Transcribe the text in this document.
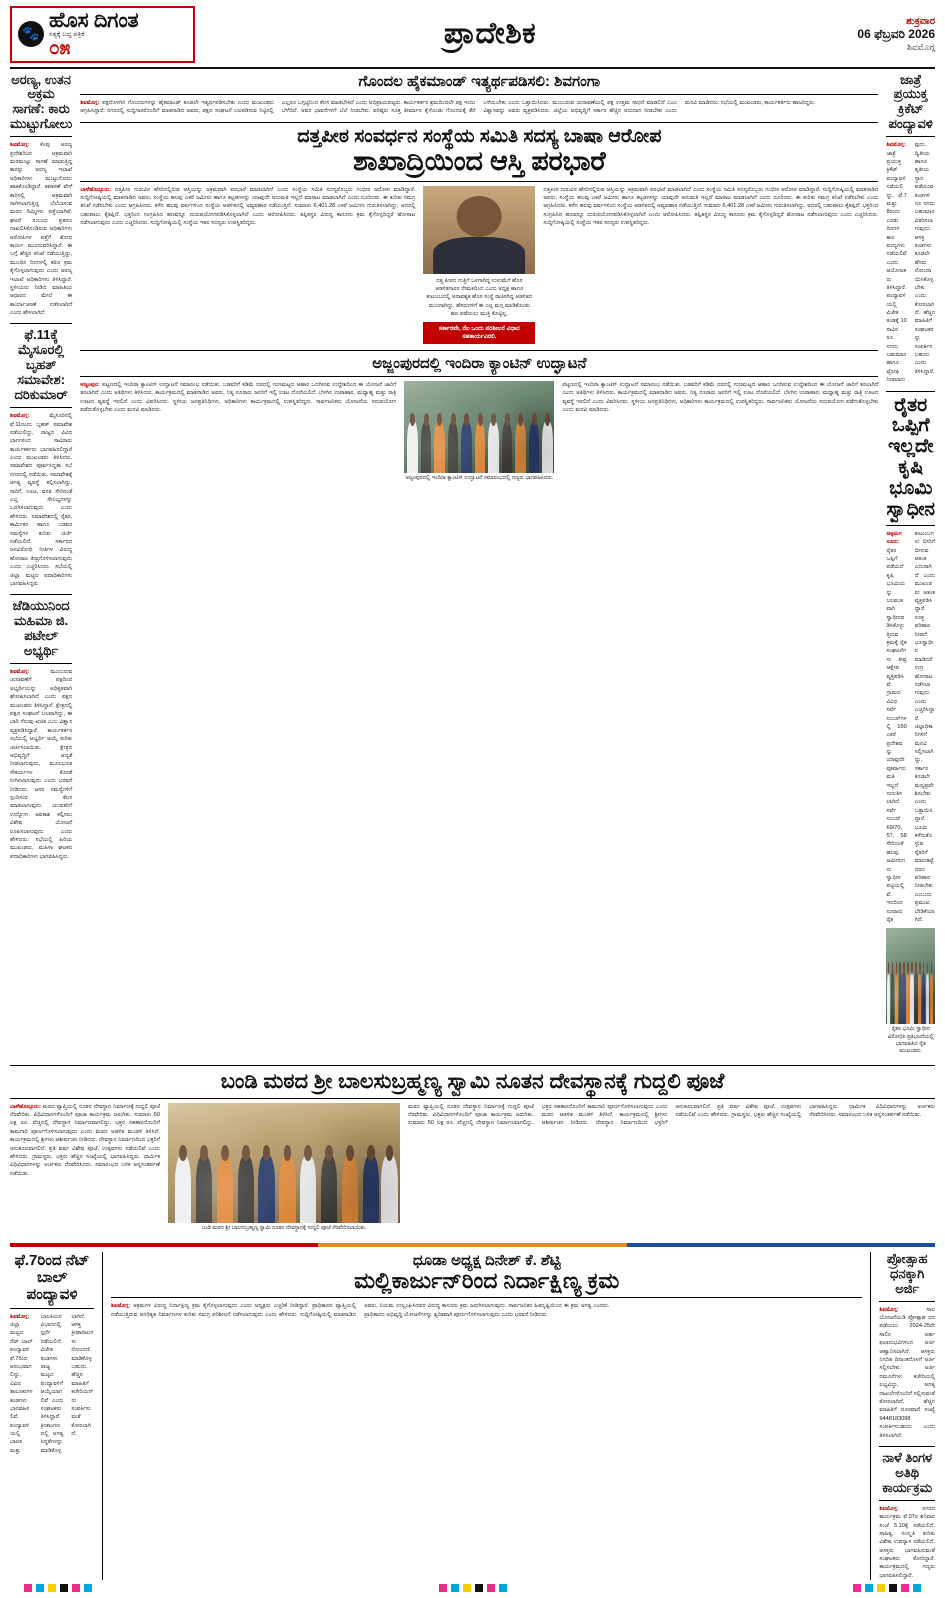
🐾
ಹೊಸ ದಿಗಂತ
ಸತ್ಯಕ್ಕೆ ಬದ್ಧ ಪತ್ರಿಕೆ
೦೫	ಪ್ರಾದೇಶಿಕ	ಶುಕ್ರವಾರ
06 ಫೆಬ್ರವರಿ 2026
ಶಿವಮೊಗ್ಗ
ಅರಣ್ಯ, ಉತನ ಅಕ್ರಮ ಸಾಗಣೆ: ಕಾರು ಮುಟ್ಟುಗೋಲು
ಶಿವಮೊಗ್ಗ: ಕೆಂಪು ಅರಣ್ಯ ಪ್ರದೇಶದಿಂದ ಅಕ್ರಮವಾಗಿ ಮರಮುಟ್ಟು ಸಾಗಣೆ ಮಾಡುತ್ತಿದ್ದ ಕಾರನ್ನು ಅರಣ್ಯ ಇಲಾಖೆ ಅಧಿಕಾರಿಗಳು ಮುಟ್ಟುಗೋಲು ಹಾಕಿಕೊಂಡಿದ್ದಾರೆ. ತಪಾಸಣೆ ವೇಳೆ ಕಾರಿನಲ್ಲಿ ಅಕ್ರಮವಾಗಿ ಸಾಗಿಸಲಾಗುತ್ತಿದ್ದ ಬೆಲೆಬಾಳುವ ಮರದ ದಿಮ್ಮಿಗಳು ಪತ್ತೆಯಾಗಿವೆ. ಘಟನೆ ಸಂಬಂಧ ಪ್ರಕರಣ ದಾಖಲಿಸಿಕೊಂಡಿರುವ ಅಧಿಕಾರಿಗಳು ಆರೋಪಿಗಳ ಪತ್ತೆಗೆ ಶೋಧ ಕಾರ್ಯ ಮುಂದುವರಿಸಿದ್ದಾರೆ. ಈ ಬಗ್ಗೆ ಹೆಚ್ಚಿನ ತನಿಖೆ ನಡೆಯುತ್ತಿದ್ದು, ಮುಂದಿನ ದಿನಗಳಲ್ಲಿ ಕಠಿಣ ಕ್ರಮ ಕೈಗೊಳ್ಳಲಾಗುವುದು ಎಂದು ಅರಣ್ಯ ಇಲಾಖೆ ಅಧಿಕಾರಿಗಳು ತಿಳಿಸಿದ್ದಾರೆ. ಸ್ಥಳೀಯರು ನೀಡಿದ ಮಾಹಿತಿಯ ಆಧಾರದ ಮೇಲೆ ಈ ಕಾರ್ಯಾಚರಣೆ ನಡೆಸಲಾಗಿದೆ ಎಂದು ಹೇಳಲಾಗಿದೆ.
ಫೆ.11ಕ್ಕೆ ಮೈಸೂರಲ್ಲಿ ಬೃಹತ್ ಸಮಾವೇಶ: ದರಿಕುಮಾರ್
ಶಿವಮೊಗ್ಗ:	ಮೈಸೂರಿನಲ್ಲಿ ಫೆ.11ರಂದು ಬೃಹತ್ ಸಮಾವೇಶ ನಡೆಯಲಿದ್ದು, ರಾಜ್ಯದ ವಿವಿಧ ಭಾಗಗಳಿಂದ ಸಾವಿರಾರು ಕಾರ್ಯಕರ್ತರು ಭಾಗವಹಿಸಲಿದ್ದಾರೆ ಎಂದು ಮುಖಂಡರು ತಿಳಿಸಿದರು. ಸಮಾವೇಶದ ಪೂರ್ವಸಿದ್ಧತಾ ಸಭೆ ನಗರದಲ್ಲಿ ನಡೆಯಿತು. ಸಮಾವೇಶಕ್ಕೆ ಅಗತ್ಯ ವ್ಯವಸ್ಥೆ ಕಲ್ಪಿಸಲಾಗಿದ್ದು, ಸಾರಿಗೆ, ಊಟ, ವಸತಿ ಸೇರಿದಂತೆ ಎಲ್ಲ ಸೌಲಭ್ಯಗಳನ್ನು ಒದಗಿಸಲಾಗುವುದು ಎಂದು ಹೇಳಿದರು. ಸಮಾವೇಶದಲ್ಲಿ ರೈತರ, ಕಾರ್ಮಿಕರ ಹಾಗೂ ಬಡವರ ಸಮಸ್ಯೆಗಳ ಕುರಿತು ಚರ್ಚೆ ನಡೆಯಲಿದೆ. ಸರ್ಕಾರದ ಜನವಿರೋಧಿ ನೀತಿಗಳ ವಿರುದ್ಧ ಹೋರಾಟ ತೀವ್ರಗೊಳಿಸಲಾಗುವುದು ಎಂದು ಎಚ್ಚರಿಸಿದರು. ಸಭೆಯಲ್ಲಿ ಜಿಲ್ಲಾ ಮಟ್ಟದ ಪದಾಧಿಕಾರಿಗಳು ಭಾಗವಹಿಸಿದ್ದರು.
ಜೆಡಿಯುನಿಂದ ಮಹಿಮಾ ಜಿ. ಪಟೇಲ್ ಅಭ್ಯರ್ಥಿ
ಶಿವಮೊಗ್ಗ:	ಮುಂಬರುವ ಚುನಾವಣೆಗೆ ಪಕ್ಷದಿಂದ ಅಭ್ಯರ್ಥಿಯನ್ನು ಅಧಿಕೃತವಾಗಿ ಘೋಷಿಸಲಾಗಿದೆ ಎಂದು ಪಕ್ಷದ ಮುಖಂಡರು ತಿಳಿಸಿದ್ದಾರೆ. ಕ್ಷೇತ್ರದಲ್ಲಿ ಪಕ್ಷದ ಸಂಘಟನೆ ಬಲವಾಗಿದ್ದು, ಈ ಬಾರಿ ಗೆಲುವು ಖಚಿತ ಎಂಬ ವಿಶ್ವಾಸ ವ್ಯಕ್ತಪಡಿಸಿದ್ದಾರೆ. ಕಾರ್ಯಕರ್ತರ ಸಭೆಯಲ್ಲಿ ಅಭ್ಯರ್ಥಿ ಆಯ್ಕೆ ಕುರಿತು ಚರ್ಚಿಸಲಾಯಿತು. ಕ್ಷೇತ್ರದ ಅಭಿವೃದ್ಧಿಗೆ ಆದ್ಯತೆ ನೀಡಲಾಗುವುದು, ಮೂಲಭೂತ ಸೌಕರ್ಯಗಳ ಕೊರತೆ ನೀಗಿಸಲಾಗುವುದು ಎಂದು ಭರವಸೆ ನೀಡಿದರು. ಜನರ ಸಮಸ್ಯೆಗಳಿಗೆ ಸ್ಪಂದಿಸುವ ಕೆಲಸ ಮಾಡಲಾಗುವುದು. ಯುವಕರಿಗೆ ಉದ್ಯೋಗ ಅವಕಾಶ ಕಲ್ಪಿಸಲು ವಿಶೇಷ ಯೋಜನೆ ರೂಪಿಸಲಾಗುವುದು ಎಂದು ಹೇಳಿದರು. ಸಭೆಯಲ್ಲಿ ಹಿರಿಯ ಮುಖಂಡರು, ಮಹಿಳಾ ಘಟಕದ ಪದಾಧಿಕಾರಿಗಳು ಭಾಗವಹಿಸಿದ್ದರು.
ಗೊಂದಲ ಹೈಕಮಾಂಡ್ ಇತ್ಯರ್ಥಪಡಿಸಲಿ: ಶಿವಗಂಗಾ
ಶಿವಮೊಗ್ಗ: ಪಕ್ಷದೊಳಗಿನ ಗೊಂದಲಗಳನ್ನು ಹೈಕಮಾಂಡ್ ಕೂಡಲೇ ಇತ್ಯರ್ಥಪಡಿಸಬೇಕು ಎಂದು ಮುಖಂಡರು ಆಗ್ರಹಿಸಿದ್ದಾರೆ. ನಗರದಲ್ಲಿ ಸುದ್ದಿಗಾರರೊಂದಿಗೆ ಮಾತನಾಡಿದ ಅವರು, ಪಕ್ಷದ ಸಂಘಟನೆ ಬಲಪಡಿಸುವ ನಿಟ್ಟಿನಲ್ಲಿ ಎಲ್ಲರೂ ಒಗ್ಗಟ್ಟಿನಿಂದ ಕೆಲಸ ಮಾಡಬೇಕಿದೆ ಎಂದು ಅಭಿಪ್ರಾಯಪಟ್ಟರು. ಕಾರ್ಯಕರ್ತರ ಶ್ರಮದಿಂದಲೇ ಪಕ್ಷ ಇಂದು ಬೆಳೆದಿದೆ. ಅವರ ಭಾವನೆಗಳಿಗೆ ಬೆಲೆ ನೀಡಬೇಕು. ವರಿಷ್ಠರು ಸೂಕ್ತ ತೀರ್ಮಾನ ಕೈಗೊಂಡು ಗೊಂದಲಕ್ಕೆ ತೆರೆ ಎಳೆಯಬೇಕು ಎಂದು ಒತ್ತಾಯಿಸಿದರು. ಮುಂಬರುವ ಚುನಾವಣೆಯಲ್ಲಿ ಪಕ್ಷ ಉತ್ತಮ ಸಾಧನೆ ಮಾಡಲಿದೆ ಎಂಬ ವಿಶ್ವಾಸವನ್ನು ಅವರು ವ್ಯಕ್ತಪಡಿಸಿದರು. ಜಿಲ್ಲೆಯ ಅಭಿವೃದ್ಧಿಗೆ ಸರ್ಕಾರ ಹೆಚ್ಚಿನ ಅನುದಾನ ನೀಡಬೇಕು ಎಂದು ಮನವಿ ಮಾಡಿದರು. ಸಭೆಯಲ್ಲಿ ಮುಖಂಡರು, ಕಾರ್ಯಕರ್ತರು ಹಾಜರಿದ್ದರು.
ದತ್ತಪೀಠ ಸಂವರ್ಧನ ಸಂಸ್ಥೆಯ ಸಮಿತಿ ಸದಸ್ಯ ಬಾಷಾ ಆರೋಪ
ಶಾಖಾದ್ರಿಯಿಂದ ಆಸ್ತಿ ಪರಭಾರೆ
ಬಾಳೆಹೊನ್ನೂರು: ದತ್ತಪೀಠ ಗುರುವಿನ ಹೆಸರಿನಲ್ಲಿರುವ ಆಸ್ತಿಯನ್ನು ಅಕ್ರಮವಾಗಿ ಪರಭಾರೆ ಮಾಡಲಾಗಿದೆ ಎಂದು ಸಂಸ್ಥೆಯ ಸಮಿತಿ ಸದಸ್ಯರೊಬ್ಬರು ಗಂಭೀರ ಆರೋಪ ಮಾಡಿದ್ದಾರೆ. ಸುದ್ದಿಗೋಷ್ಠಿಯಲ್ಲಿ ಮಾತನಾಡಿದ ಅವರು, ಸಂಸ್ಥೆಯ ಹಲವು ಎಕರೆ ಜಮೀನು ಹಾಗೂ ಕಟ್ಟಡಗಳನ್ನು ಯಾವುದೇ ಅನುಮತಿ ಇಲ್ಲದೆ ಮಾರಾಟ ಮಾಡಲಾಗಿದೆ ಎಂದು ದೂರಿದರು. ಈ ಕುರಿತು ಸಮಗ್ರ ತನಿಖೆ ನಡೆಸಬೇಕು ಎಂದು ಆಗ್ರಹಿಸಿದರು. ಕಳೆದ ಹಲವು ವರ್ಷಗಳಿಂದ ಸಂಸ್ಥೆಯ ಆಡಳಿತದಲ್ಲಿ ಅವ್ಯವಹಾರ ನಡೆಯುತ್ತಿದೆ. ಸುಮಾರು 6,401.28 ಎಕರೆ ಜಮೀನು ಗುರುತಿಸಲಾಗಿದ್ದು, ಅದರಲ್ಲಿ ಬಹುಪಾಲು ಕೈತಪ್ಪಿದೆ. ಭಕ್ತರಿಂದ ಸಂಗ್ರಹಿಸಿದ ಹಣವನ್ನೂ ದುರುಪಯೋಗಪಡಿಸಿಕೊಳ್ಳಲಾಗಿದೆ ಎಂದು ಆರೋಪಿಸಿದರು. ತಪ್ಪಿತಸ್ಥರ ವಿರುದ್ಧ ಕಾನೂನು ಕ್ರಮ ಕೈಗೊಳ್ಳದಿದ್ದರೆ ಹೋರಾಟ ನಡೆಸಲಾಗುವುದು ಎಂದು ಎಚ್ಚರಿಸಿದರು. ಸುದ್ದಿಗೋಷ್ಠಿಯಲ್ಲಿ ಸಂಸ್ಥೆಯ ಇತರ ಸದಸ್ಯರು ಉಪಸ್ಥಿತರಿದ್ದರು.
ದತ್ತ ಪೀಠದ ಗುತ್ತಿಗೆ ಒಳಗಾಗಿದ್ದ ಉಳುಮೆಗೆ ಹೊಸ ಆಡಳಿತಗಾರರ ನೇಮಕದಿಂದ ಎಂದು ಅಧ್ಯಕ್ಷ ಹಾಗೂ ಕುಟುಂಬದಲ್ಲಿ ಅನಾವಶ್ಯಕ ಹೊಸ ಸಂಸ್ಥೆ ರಾಜಿಸಗಿದ್ದ ಆಡಳಿತದ ಮುಂದಾಗಿದ್ದು, ಹೆಸರುಗಳಿಗೆ ಈ ಎಲ್ಲ ಮಗ್ಗ ಮಾಡಿಕೊಂಡು ಹಣ ಪಡೆಯಲು ಮುಕ್ತಿ ಕೊಟ್ಟಿಲ್ಲ.
ಸರ್ಕಾರವೇ, ನೆಲ ಒಂದು ಪರಿಶೀಲನೆ ವಿಧಾನ ಸಹಕಾರ್ಯವಿರಲಿ.
ದತ್ತಪೀಠ ಗುರುವಿನ ಹೆಸರಿನಲ್ಲಿರುವ ಆಸ್ತಿಯನ್ನು ಅಕ್ರಮವಾಗಿ ಪರಭಾರೆ ಮಾಡಲಾಗಿದೆ ಎಂದು ಸಂಸ್ಥೆಯ ಸಮಿತಿ ಸದಸ್ಯರೊಬ್ಬರು ಗಂಭೀರ ಆರೋಪ ಮಾಡಿದ್ದಾರೆ. ಸುದ್ದಿಗೋಷ್ಠಿಯಲ್ಲಿ ಮಾತನಾಡಿದ ಅವರು, ಸಂಸ್ಥೆಯ ಹಲವು ಎಕರೆ ಜಮೀನು ಹಾಗೂ ಕಟ್ಟಡಗಳನ್ನು ಯಾವುದೇ ಅನುಮತಿ ಇಲ್ಲದೆ ಮಾರಾಟ ಮಾಡಲಾಗಿದೆ ಎಂದು ದೂರಿದರು. ಈ ಕುರಿತು ಸಮಗ್ರ ತನಿಖೆ ನಡೆಸಬೇಕು ಎಂದು ಆಗ್ರಹಿಸಿದರು. ಕಳೆದ ಹಲವು ವರ್ಷಗಳಿಂದ ಸಂಸ್ಥೆಯ ಆಡಳಿತದಲ್ಲಿ ಅವ್ಯವಹಾರ ನಡೆಯುತ್ತಿದೆ. ಸುಮಾರು 6,401.28 ಎಕರೆ ಜಮೀನು ಗುರುತಿಸಲಾಗಿದ್ದು, ಅದರಲ್ಲಿ ಬಹುಪಾಲು ಕೈತಪ್ಪಿದೆ. ಭಕ್ತರಿಂದ ಸಂಗ್ರಹಿಸಿದ ಹಣವನ್ನೂ ದುರುಪಯೋಗಪಡಿಸಿಕೊಳ್ಳಲಾಗಿದೆ ಎಂದು ಆರೋಪಿಸಿದರು. ತಪ್ಪಿತಸ್ಥರ ವಿರುದ್ಧ ಕಾನೂನು ಕ್ರಮ ಕೈಗೊಳ್ಳದಿದ್ದರೆ ಹೋರಾಟ ನಡೆಸಲಾಗುವುದು ಎಂದು ಎಚ್ಚರಿಸಿದರು. ಸುದ್ದಿಗೋಷ್ಠಿಯಲ್ಲಿ ಸಂಸ್ಥೆಯ ಇತರ ಸದಸ್ಯರು ಉಪಸ್ಥಿತರಿದ್ದರು.
ಅಜ್ಜಂಪುರದಲ್ಲಿ ಇಂದಿರಾ ಕ್ಯಾಂಟಿನ್ ಉದ್ಘಾಟನೆ
ಅಜ್ಜಂಪುರ: ಪಟ್ಟಣದಲ್ಲಿ ಇಂದಿರಾ ಕ್ಯಾಂಟಿನ್ ಉದ್ಘಾಟನೆ ಸಮಾರಂಭ ನಡೆಯಿತು. ಬಡವರಿಗೆ ಕಡಿಮೆ ದರದಲ್ಲಿ ಗುಣಮಟ್ಟದ ಆಹಾರ ಒದಗಿಸುವ ಉದ್ದೇಶದಿಂದ ಈ ಯೋಜನೆ ಜಾರಿಗೆ ತರಲಾಗಿದೆ ಎಂದು ಅತಿಥಿಗಳು ತಿಳಿಸಿದರು. ಕಾರ್ಯಕ್ರಮದಲ್ಲಿ ಮಾತನಾಡಿದ ಅವರು, ನಿತ್ಯ ನೂರಾರು ಜನರಿಗೆ ಇಲ್ಲಿ ಊಟ ದೊರೆಯಲಿದೆ. ಬೆಳಗಿನ ಉಪಾಹಾರ, ಮಧ್ಯಾಹ್ನ ಮತ್ತು ರಾತ್ರಿ ಊಟದ ವ್ಯವಸ್ಥೆ ಇರಲಿದೆ ಎಂದು ವಿವರಿಸಿದರು. ಸ್ಥಳೀಯ ಜನಪ್ರತಿನಿಧಿಗಳು, ಅಧಿಕಾರಿಗಳು ಕಾರ್ಯಕ್ರಮದಲ್ಲಿ ಉಪಸ್ಥಿತರಿದ್ದರು. ಸಾರ್ವಜನಿಕರು ಯೋಜನೆಯ ಸದುಪಯೋಗ ಪಡೆದುಕೊಳ್ಳಬೇಕು ಎಂದು ಮನವಿ ಮಾಡಿದರು.
ಅಜ್ಜಂಪುರದಲ್ಲಿ ಇಂದಿರಾ ಕ್ಯಾಂಟಿನ್ ಉದ್ಘಾಟನೆ ಸಮಾರಂಭದಲ್ಲಿ ಗಣ್ಯರು ಭಾಗವಹಿಸಿದರು.
ಪಟ್ಟಣದಲ್ಲಿ ಇಂದಿರಾ ಕ್ಯಾಂಟಿನ್ ಉದ್ಘಾಟನೆ ಸಮಾರಂಭ ನಡೆಯಿತು. ಬಡವರಿಗೆ ಕಡಿಮೆ ದರದಲ್ಲಿ ಗುಣಮಟ್ಟದ ಆಹಾರ ಒದಗಿಸುವ ಉದ್ದೇಶದಿಂದ ಈ ಯೋಜನೆ ಜಾರಿಗೆ ತರಲಾಗಿದೆ ಎಂದು ಅತಿಥಿಗಳು ತಿಳಿಸಿದರು. ಕಾರ್ಯಕ್ರಮದಲ್ಲಿ ಮಾತನಾಡಿದ ಅವರು, ನಿತ್ಯ ನೂರಾರು ಜನರಿಗೆ ಇಲ್ಲಿ ಊಟ ದೊರೆಯಲಿದೆ. ಬೆಳಗಿನ ಉಪಾಹಾರ, ಮಧ್ಯಾಹ್ನ ಮತ್ತು ರಾತ್ರಿ ಊಟದ ವ್ಯವಸ್ಥೆ ಇರಲಿದೆ ಎಂದು ವಿವರಿಸಿದರು. ಸ್ಥಳೀಯ ಜನಪ್ರತಿನಿಧಿಗಳು, ಅಧಿಕಾರಿಗಳು ಕಾರ್ಯಕ್ರಮದಲ್ಲಿ ಉಪಸ್ಥಿತರಿದ್ದರು. ಸಾರ್ವಜನಿಕರು ಯೋಜನೆಯ ಸದುಪಯೋಗ ಪಡೆದುಕೊಳ್ಳಬೇಕು ಎಂದು ಮನವಿ ಮಾಡಿದರು.
ಜಾತ್ರೆ ಪ್ರಯುಕ್ತ ಕ್ರಿಕೆಟ್ ಪಂದ್ಯಾವಳಿ
ಶಿವಮೊಗ್ಗ: ಜಾತ್ರೆ ಪ್ರಯುಕ್ತ ಕ್ರಿಕೆಟ್ ಪಂದ್ಯಾವಳಿ ನಡೆಯಲಿದ್ದು, ಫೆ.7 ಮತ್ತು 8ರಂದು ಎರಡು ದಿನಗಳ ಕಾಲ ಪಂದ್ಯಗಳು ನಡೆಯಲಿವೆ ಎಂದು ಆಯೋಜಕರು ತಿಳಿಸಿದ್ದಾರೆ. ಪಂದ್ಯಾವಳಿಯಲ್ಲಿ ವಿಜೇತ ತಂಡಕ್ಕೆ 10 ಸಾವಿರ ರೂ. ನಗದು ಬಹುಮಾನ ಹಾಗೂ ಟ್ರೋಫಿ ನೀಡಲಾಗುವುದು. ದ್ವಿತೀಯ ಹಾಗೂ ತೃತೀಯ ಸ್ಥಾನ ಪಡೆಯುವ ತಂಡಗಳಿಗೂ ನಗದು ಬಹುಮಾನ ವಿತರಿಸಲಾಗುವುದು. ಆಸಕ್ತ ತಂಡಗಳು ಕೂಡಲೇ ಹೆಸರು ನೋಂದಾಯಿಸಿಕೊಳ್ಳಬೇಕು ಎಂದು ಕೋರಲಾಗಿದೆ. ಹೆಚ್ಚಿನ ಮಾಹಿತಿಗೆ ಸಂಘಟಕರನ್ನು ಸಂಪರ್ಕಿಸಬಹುದು ಎಂದು ತಿಳಿಸಿದ್ದಾರೆ.
ರೈತರ ಒಪ್ಪಿಗೆ ಇಲ್ಲದೇ ಕೃಷಿ ಭೂಮಿ ಸ್ವಾಧೀನ
ಚಿಕ್ಕಮಗಳೂರು: ರೈತರ ಒಪ್ಪಿಗೆ ಪಡೆಯದೆ ಕೃಷಿ ಭೂಮಿಯನ್ನು ಬಲವಂತವಾಗಿ ಸ್ವಾಧೀನಪಡಿಸಿಕೊಳ್ಳುತ್ತಿರುವ ಕ್ರಮಕ್ಕೆ ರೈತ ಸಂಘಟನೆಗಳು ತೀವ್ರ ಆಕ್ಷೇಪ ವ್ಯಕ್ತಪಡಿಸಿವೆ. ಗ್ರಾಮದ ವಿವಿಧ ಸರ್ವೆ ನಂಬರ್‌ಗಳಲ್ಲಿ 150 ಎಕರೆ ಪ್ರದೇಶವನ್ನು ಯಾವುದೇ ಪೂರ್ವಾನುಮತಿ ಇಲ್ಲದೆ ಗುರುತಿಸಲಾಗಿದೆ. ಸರ್ವೆ ನಂಬರ್ 69/70, 57, 58 ಸೇರಿದಂತೆ ಹಲವು ಜಮೀನುಗಳು ಸ್ವಾಧೀನ ಪಟ್ಟಿಯಲ್ಲಿವೆ. ಇದರಿಂದ ನೂರಾರು ರೈತ ಕುಟುಂಬಗಳು ಬೀದಿಗೆ ಬೀಳುವ ಆತಂಕ ಎದುರಾಗಿದೆ ಎಂದು ಮುಖಂಡರು ಆತಂಕ ವ್ಯಕ್ತಪಡಿಸಿದ್ದಾರೆ. ಸೂಕ್ತ ಪರಿಹಾರ ನೀಡದೆ ಭೂಸ್ವಾಧೀನ ಮಾಡಿದರೆ ಉಗ್ರ ಹೋರಾಟ ನಡೆಸಲಾಗುವುದು ಎಂದು ಎಚ್ಚರಿಸಿದ್ದಾರೆ. ಜಿಲ್ಲಾಧಿಕಾರಿಗಳಿಗೆ ಮನವಿ ಸಲ್ಲಿಸಲಾಗಿದ್ದು, ಸರ್ಕಾರ ಕೂಡಲೇ ಮಧ್ಯಪ್ರವೇಶಿಸಬೇಕು ಎಂದು ಒತ್ತಾಯಿಸಿದ್ದಾರೆ. ಭೂಮಿ ಕಳೆದುಕೊಳ್ಳುವ ರೈತರಿಗೆ ಮಾರುಕಟ್ಟೆ ದರದ ಪರಿಹಾರ ನೀಡಬೇಕು ಎಂಬುದು ಪ್ರಮುಖ ಬೇಡಿಕೆಯಾಗಿದೆ.
ರೈತರ ಭೂಮಿ ಸ್ವಾಧೀನ ವಿರೋಧಿಸಿ ಪ್ರತಿಭಟನೆಯಲ್ಲಿ ಭಾಗವಹಿಸಿದ ರೈತ ಮುಖಂಡರು.
ಬಂಡಿ ಮಠದ ಶ್ರೀ ಬಾಲಸುಬ್ರಹ್ಮಣ್ಯ ಸ್ವಾಮಿ ನೂತನ ದೇವಸ್ಥಾನಕ್ಕೆ ಗುದ್ದಲಿ ಪೂಜೆ
ಬಾಳೆಹೊನ್ನೂರು: ಮಠದ ವ್ಯಾಪ್ತಿಯಲ್ಲಿ ನೂತನ ದೇವಸ್ಥಾನ ನಿರ್ಮಾಣಕ್ಕೆ ಗುದ್ದಲಿ ಪೂಜೆ ನೆರವೇರಿತು. ವಿಧಿವಿಧಾನಗಳೊಂದಿಗೆ ಪೂಜಾ ಕಾರ್ಯಕ್ರಮ ಜರುಗಿತು. ಸುಮಾರು 50 ಲಕ್ಷ ರೂ. ವೆಚ್ಚದಲ್ಲಿ ದೇವಸ್ಥಾನ ನಿರ್ಮಾಣವಾಗಲಿದ್ದು, ಭಕ್ತರ ಸಹಕಾರದೊಂದಿಗೆ ಕಾಮಗಾರಿ ಪೂರ್ಣಗೊಳಿಸಲಾಗುವುದು ಎಂದು ಮಠದ ಆಡಳಿತ ಮಂಡಳಿ ತಿಳಿಸಿದೆ. ಕಾರ್ಯಕ್ರಮದಲ್ಲಿ ಶ್ರೀಗಳು ಆಶೀರ್ವಚನ ನೀಡಿದರು. ದೇವಸ್ಥಾನ ನಿರ್ಮಾಣದಿಂದ ಭಕ್ತರಿಗೆ ಅನುಕೂಲವಾಗಲಿದೆ. ಪ್ರತಿ ವರ್ಷ ವಿಶೇಷ ಪೂಜೆ, ಉತ್ಸವಗಳು ನಡೆಯಲಿವೆ ಎಂದು ಹೇಳಿದರು. ಗ್ರಾಮಸ್ಥರು, ಭಕ್ತರು ಹೆಚ್ಚಿನ ಸಂಖ್ಯೆಯಲ್ಲಿ ಭಾಗವಹಿಸಿದ್ದರು. ಧಾರ್ಮಿಕ ವಿಧಿವಿಧಾನಗಳನ್ನು ಅರ್ಚಕರು ನೆರವೇರಿಸಿದರು. ಸಮಾರಂಭದ ಬಳಿಕ ಅನ್ನಸಂತರ್ಪಣೆ ನಡೆಯಿತು.
ಬಂಡಿ ಮಠದ ಶ್ರೀ ಬಾಲಸುಬ್ರಹ್ಮಣ್ಯ ಸ್ವಾಮಿ ನೂತನ ದೇವಸ್ಥಾನಕ್ಕೆ ಗುದ್ದಲಿ ಪೂಜೆ ನೆರವೇರಿಸಲಾಯಿತು.
ಮಠದ ವ್ಯಾಪ್ತಿಯಲ್ಲಿ ನೂತನ ದೇವಸ್ಥಾನ ನಿರ್ಮಾಣಕ್ಕೆ ಗುದ್ದಲಿ ಪೂಜೆ ನೆರವೇರಿತು. ವಿಧಿವಿಧಾನಗಳೊಂದಿಗೆ ಪೂಜಾ ಕಾರ್ಯಕ್ರಮ ಜರುಗಿತು. ಸುಮಾರು 50 ಲಕ್ಷ ರೂ. ವೆಚ್ಚದಲ್ಲಿ ದೇವಸ್ಥಾನ ನಿರ್ಮಾಣವಾಗಲಿದ್ದು, ಭಕ್ತರ ಸಹಕಾರದೊಂದಿಗೆ ಕಾಮಗಾರಿ ಪೂರ್ಣಗೊಳಿಸಲಾಗುವುದು ಎಂದು ಮಠದ ಆಡಳಿತ ಮಂಡಳಿ ತಿಳಿಸಿದೆ. ಕಾರ್ಯಕ್ರಮದಲ್ಲಿ ಶ್ರೀಗಳು ಆಶೀರ್ವಚನ ನೀಡಿದರು. ದೇವಸ್ಥಾನ ನಿರ್ಮಾಣದಿಂದ ಭಕ್ತರಿಗೆ ಅನುಕೂಲವಾಗಲಿದೆ. ಪ್ರತಿ ವರ್ಷ ವಿಶೇಷ ಪೂಜೆ, ಉತ್ಸವಗಳು ನಡೆಯಲಿವೆ ಎಂದು ಹೇಳಿದರು. ಗ್ರಾಮಸ್ಥರು, ಭಕ್ತರು ಹೆಚ್ಚಿನ ಸಂಖ್ಯೆಯಲ್ಲಿ ಭಾಗವಹಿಸಿದ್ದರು. ಧಾರ್ಮಿಕ ವಿಧಿವಿಧಾನಗಳನ್ನು ಅರ್ಚಕರು ನೆರವೇರಿಸಿದರು. ಸಮಾರಂಭದ ಬಳಿಕ ಅನ್ನಸಂತರ್ಪಣೆ ನಡೆಯಿತು.
ಫೆ.7ರಿಂದ ನೆಟ್ ಬಾಲ್ ಪಂದ್ಯಾವಳಿ
ಶಿವಮೊಗ್ಗ: ಜಿಲ್ಲಾ ಮಟ್ಟದ ನೆಟ್ ಬಾಲ್ ಪಂದ್ಯಾವಳಿ ಫೆ.7ರಿಂದ ಆರಂಭವಾಗಲಿದ್ದು, ವಿವಿಧ ತಾಲೂಕುಗಳ ತಂಡಗಳು ಭಾಗವಹಿಸಲಿವೆ. ಪಂದ್ಯಾವಳಿಯಲ್ಲಿ ಬಾಲಕ ಮತ್ತು ಬಾಲಕಿಯರ ವಿಭಾಗದಲ್ಲಿ ಸ್ಪರ್ಧೆ ನಡೆಯಲಿದೆ. ವಿಜೇತ ತಂಡಗಳು ರಾಜ್ಯ ಮಟ್ಟದ ಪಂದ್ಯಾವಳಿಗೆ ಆಯ್ಕೆಯಾಗಲಿವೆ ಎಂದು ಸಂಘಟಕರು ತಿಳಿಸಿದ್ದಾರೆ. ಕ್ರೀಡಾಂಗಣದಲ್ಲಿ ಅಗತ್ಯ ಸಿದ್ಧತೆಗಳನ್ನು ಮಾಡಿಕೊಳ್ಳಲಾಗಿದೆ. ಆಸಕ್ತ ಕ್ರೀಡಾಪಟುಗಳು ನೋಂದಣಿ ಮಾಡಿಕೊಳ್ಳಬಹುದು. ಹೆಚ್ಚಿನ ಮಾಹಿತಿಗೆ ಕಚೇರಿಯನ್ನು ಸಂಪರ್ಕಿಸುವಂತೆ ಕೋರಲಾಗಿದೆ.
ಧೂಡಾ ಅಧ್ಯಕ್ಷ ದಿನೇಶ್ ಕೆ. ಶೆಟ್ಟಿ
ಮಲ್ಲಿಕಾರ್ಜುನ್‌ರಿಂದ ನಿರ್ದಾಕ್ಷಿಣ್ಯ ಕ್ರಮ
ಶಿವಮೊಗ್ಗ: ಅಕ್ರಮಗಳ ವಿರುದ್ಧ ನಿರ್ದಾಕ್ಷಿಣ್ಯ ಕ್ರಮ ಕೈಗೊಳ್ಳಲಾಗುವುದು ಎಂದು ಅಧ್ಯಕ್ಷರು ಎಚ್ಚರಿಕೆ ನೀಡಿದ್ದಾರೆ. ಪ್ರಾಧಿಕಾರದ ವ್ಯಾಪ್ತಿಯಲ್ಲಿ ನಡೆಯುತ್ತಿರುವ ಅನಧಿಕೃತ ನಿರ್ಮಾಣಗಳ ಕುರಿತು ಸಮಗ್ರ ಪರಿಶೀಲನೆ ನಡೆಸಲಾಗುವುದು ಎಂದು ಹೇಳಿದರು. ಸುದ್ದಿಗೋಷ್ಠಿಯಲ್ಲಿ ಮಾತನಾಡಿದ ಅವರು, ನಿಯಮ ಉಲ್ಲಂಘಿಸಿದವರ ವಿರುದ್ಧ ಕಾನೂನು ಕ್ರಮ ಜರುಗಿಸಲಾಗುವುದು. ಸಾರ್ವಜನಿಕರ ಹಿತದೃಷ್ಟಿಯಿಂದ ಈ ಕ್ರಮ ಅಗತ್ಯ ಎಂದರು. ಪ್ರಾಧಿಕಾರದ ಅಭಿವೃದ್ಧಿ ಯೋಜನೆಗಳನ್ನು ತ್ವರಿತವಾಗಿ ಪೂರ್ಣಗೊಳಿಸಲಾಗುವುದು ಎಂದು ಭರವಸೆ ನೀಡಿದರು.
ಪ್ರೋತ್ಸಾಹ ಧನಕ್ಕಾಗಿ ಅರ್ಜಿ
ಶಿವಮೊಗ್ಗ:	ಸಾಲ ಯೋಜನೆಯಡಿ ಪ್ರೋತ್ಸಾಹ ಧನ ಪಡೆಯಲು 2024-25ನೇ ಸಾಲಿನ ಅರ್ಹ ಫಲಾನುಭವಿಗಳಿಂದ ಅರ್ಜಿ ಆಹ್ವಾನಿಸಲಾಗಿದೆ. ಆಸಕ್ತರು ನಿಗದಿತ ದಿನಾಂಕದೊಳಗೆ ಅರ್ಜಿ ಸಲ್ಲಿಸಬೇಕು. ಅರ್ಜಿ ನಮೂನೆಗಳು ಕಚೇರಿಯಲ್ಲಿ ಲಭ್ಯವಿದ್ದು, ಅಗತ್ಯ ದಾಖಲೆಗಳೊಂದಿಗೆ ಸಲ್ಲಿಸುವಂತೆ ಕೋರಲಾಗಿದೆ. ಹೆಚ್ಚಿನ ಮಾಹಿತಿಗೆ ದೂರವಾಣಿ ಸಂಖ್ಯೆ 9448183098 ಸಂಪರ್ಕಿಸಬಹುದು ಎಂದು ತಿಳಿಸಲಾಗಿದೆ.
ನಾಳೆ ತಿಂಗಳ ಅತಿಥಿ ಕಾರ್ಯಕ್ರಮ
ಶಿವಮೊಗ್ಗ:	ನಗರದ ಕಾರ್ಯಕ್ರಮ ಫೆ.07ರ ಶನಿವಾರ ಸಂಜೆ 5.10ಕ್ಕೆ ನಡೆಯಲಿದೆ. ಸಾಹಿತ್ಯ, ಸಂಸ್ಕೃತಿ ಕುರಿತು ವಿಶೇಷ ಉಪನ್ಯಾಸ ನಡೆಯಲಿದೆ. ಆಸಕ್ತರು ಭಾಗವಹಿಸುವಂತೆ ಸಂಘಟಕರು ಕೋರಿದ್ದಾರೆ. ಕಾರ್ಯಕ್ರಮದಲ್ಲಿ ಗಣ್ಯರು ಭಾಗವಹಿಸಲಿದ್ದಾರೆ.
